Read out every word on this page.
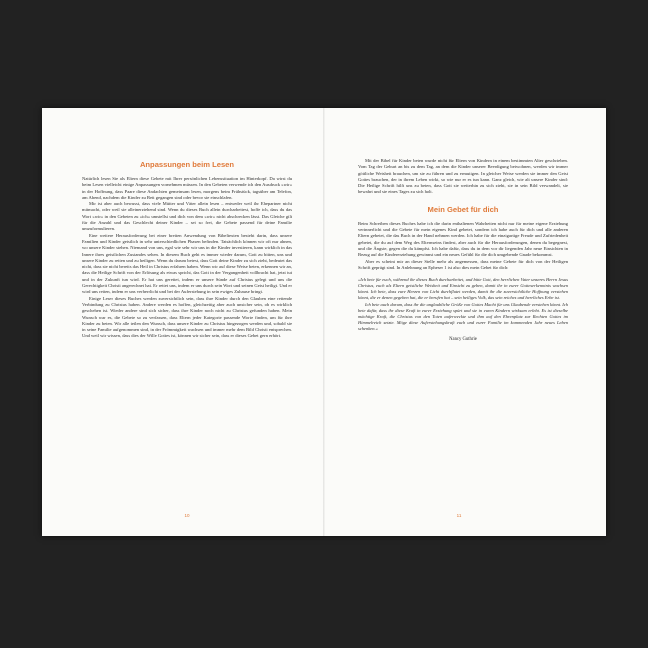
Anpassungen beim Lesen

Natürlich lesen Sie als Eltern diese Gebete mit Ihrer persönlichen Lebenssituation im Hinterkopf. Da wirst du beim Lesen vielleicht einige Anpassungen vornehmen müssen. In den Gebeten verwende ich den Ausdruck »wir« in der Hoffnung, dass Paare diese Andachten gemeinsam lesen, morgens beim Frühstück, tagsüber am Telefon, am Abend, nachdem die Kinder zu Bett gegangen sind oder bevor sie einschlafen.

Mir ist aber auch bewusst, dass viele Mütter und Väter allein lesen – entweder weil ihr Ehepartner nicht mitmacht, oder weil sie alleinerziehend sind. Wenn du dieses Buch allein durcharbeitest, hoffe ich, dass du das Wort »wir« in den Gebeten zu »ich« umstellst und dich von dem »wir« nicht abschrecken lässt. Das Gleiche gilt für die Anzahl und das Geschlecht deiner Kinder – sei so frei, die Gebete passend für deine Familie umzuformulieren.

Eine weitere Herausforderung bei einer breiten Anwendung von Bibeltexten besteht darin, dass unsere Familien und Kinder geistlich in sehr unterschiedlichen Phasen befinden. Tatsächlich können wir oft nur ahnen, wo unsere Kinder stehen. Niemand von uns, egal wie sehr wir uns in die Kinder investieren, kann wirklich in das Innere ihres geistlichen Zustandes sehen. In diesem Buch geht es immer wieder darum, Gott zu bitten, uns und unsere Kinder zu retten und zu heiligen. Wenn du darum betest, dass Gott deine Kinder zu sich zieht, bedeutet das nicht, dass sie nicht bereits das Heil in Christus erfahren haben. Wenn wir auf diese Weise beten, erkennen wir an, dass die Heilige Schrift von der Erlösung als etwas spricht, das Gott in der Vergangenheit vollbracht hat, jetzt tut und in der Zukunft tun wird. Er hat uns gerettet, indem er unsere Sünde auf Christus gelegt und uns die Gerechtigkeit Christi angerechnet hat. Er rettet uns, indem er uns durch sein Wort und seinen Geist heiligt. Und er wird uns retten, indem er uns verherrlicht und bei der Auferstehung in sein ewiges Zuhause bringt.

Einige Leser dieses Buches werden zuversichtlich sein, dass ihre Kinder durch den Glauben eine rettende Verbindung zu Christus haben. Andere werden es hoffen, gleichzeitig aber auch unsicher sein, ob es wirklich geschehen ist. Wieder andere sind sich sicher, dass ihre Kinder noch nicht zu Christus gefunden haben. Mein Wunsch war es, die Gebete so zu verfassen, dass Eltern jeder Kategorie passende Worte finden, um für ihre Kinder zu beten. Wir alle teilen den Wunsch, dass unsere Kinder zu Christus hingezogen werden und, sobald sie in seine Familie aufgenommen sind, in der Frömmigkeit wachsen und immer mehr dem Bild Christi entsprechen. Und weil wir wissen, dass dies der Wille Gottes ist, können wir sicher sein, dass er dieses Gebet gern erhört.

10

Mit der Bibel für Kinder beten wurde nicht für Eltern von Kindern in einem bestimmten Alter geschrieben. Vom Tag der Geburt an bis zu dem Tag, an dem die Kinder unserer Beerdigung beiwohnen, werden wir immer göttliche Weisheit brauchen, um sie zu führen und zu ermutigen. In gleicher Weise werden sie immer den Geist Gottes brauchen, der in ihrem Leben wirkt, so wie nur er es tun kann. Ganz gleich, wie alt unsere Kinder sind: Die Heilige Schrift hilft uns zu beten, dass Gott sie weiterhin zu sich zieht, sie in sein Bild verwandelt, sie bewahrt und sie eines Tages zu sich holt.

Mein Gebet für dich

Beim Schreiben dieses Buches habe ich die darin enthaltenen Wahrheiten nicht nur für meine eigene Erziehung verinnerlicht und die Gebete für mein eigenes Kind gebetet, sondern ich habe auch für dich und alle anderen Eltern gebetet, die das Buch in der Hand nehmen werden. Ich habe für die einzigartige Freude und Zufriedenheit gebetet, die du auf dem Weg des Elternseins findest, aber auch für die Herausforderungen, denen du begegnest, und die Ängste, gegen die du kämpfst. Ich habe dafür, dass du in dem vor dir liegenden Jahr neue Einsichten in Bezug auf die Kindererziehung gewinnst und ein neues Gefühl für die dich umgebende Gnade bekommst.

Aber es scheint mir an dieser Stelle mehr als angemessen, dass meine Gebete für dich von der Heiligen Schrift geprägt sind. In Anlehnung an Epheser 1 ist also dies mein Gebet für dich:

»Ich bete für euch, während ihr dieses Buch durcharbeitet, und bitte Gott, den herrlichen Vater unseres Herrn Jesus Christus, euch als Eltern geistliche Weisheit und Einsicht zu geben, damit ihr in eurer Gotteserkenntnis wachsen könnt. Ich bete, dass eure Herzen von Licht durchflutet werden, damit ihr die zuversichtliche Hoffnung verstehen könnt, die er denen gegeben hat, die er berufen hat – sein heiliges Volk, das sein reiches und herrliches Erbe ist.

Ich bete auch darum, dass ihr die unglaubliche Größe von Gottes Macht für uns Glaubende verstehen könnt. Ich bete dafür, dass ihr diese Kraft in eurer Erziehung spürt und sie in euren Kindern wirksam erlebt. Es ist dieselbe mächtige Kraft, die Christus von den Toten auferweckte und ihm auf den Ehrenplatz zur Rechten Gottes im Himmelreich setzte. Möge diese Auferstehungskraft euch und eurer Familie im kommenden Jahr neues Leben schenken.«

Nancy Guthrie
11
